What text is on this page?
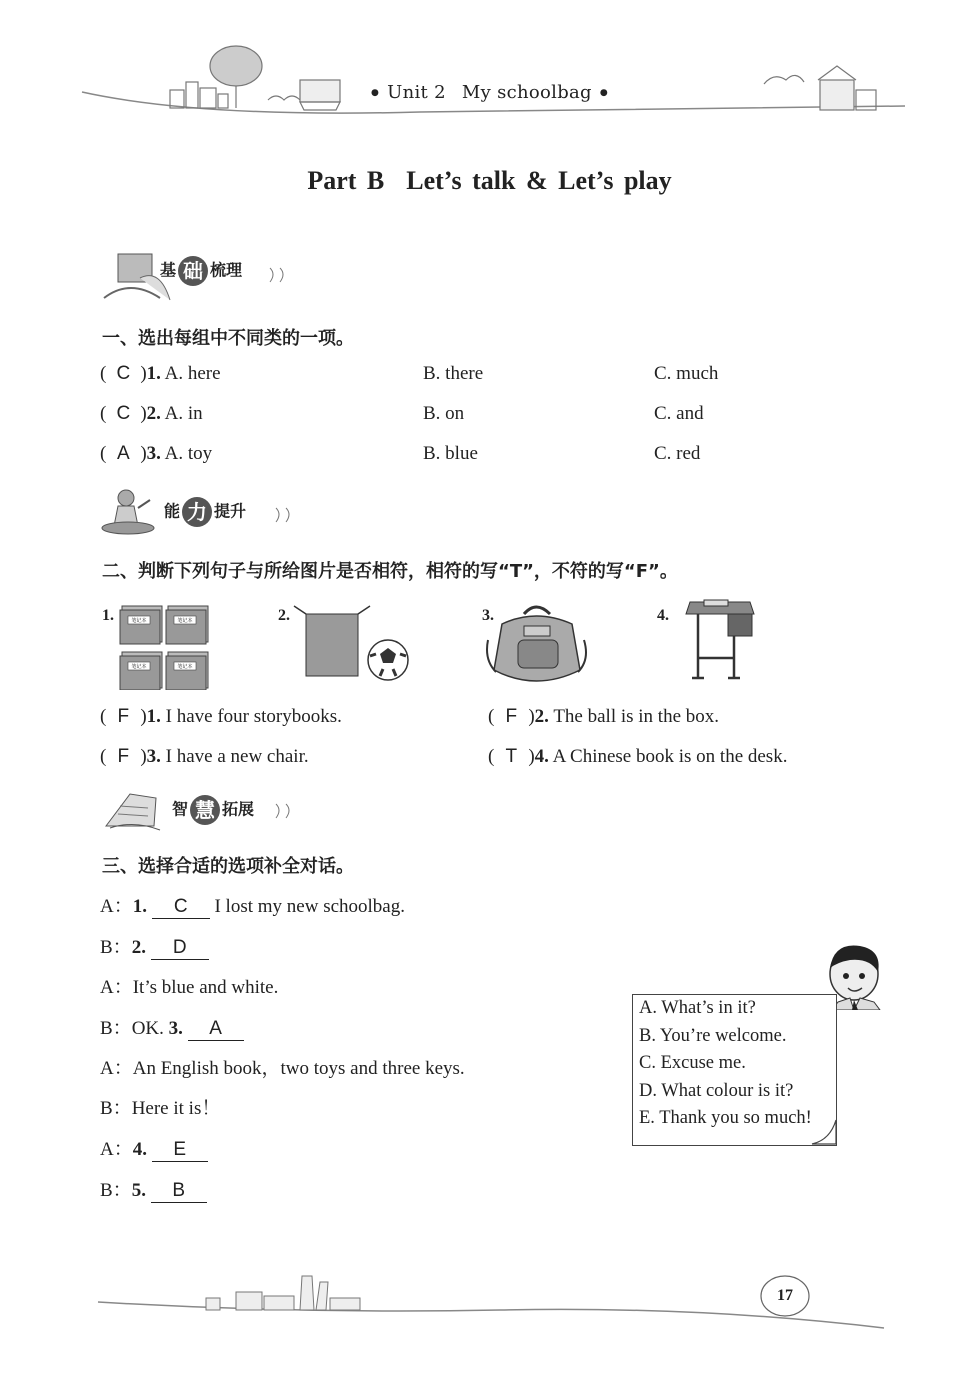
● Unit 2 My schoolbag ●
Part B Let’s talk & Let’s play
基 础 梳理
一、选出每组中不同类的一项。
( C )1. A. here	B. there	C. much
( C )2. A. in	B. on	C. and
( A )3. A. toy	B. blue	C. red
能 力 提升
二、判断下列句子与所给图片是否相符，相符的写“T”，不符的写“F”。
1.	2.	3.	4.
笔记本	笔记本
笔记本	笔记本
( F )1. I have four storybooks.	( F )2. The ball is in the box.
( F )3. I have a new chair.	( T )4. A Chinese book is on the desk.
智 慧 拓展
三、选择合适的选项补全对话。
A：1. C I lost my new schoolbag.
B：2. D
A：It’s blue and white.
B：OK. 3. A
A：An English book，two toys and three keys.
B：Here it is！
A：4. E
B：5. B
A. What’s in it?
B. You’re welcome.
C. Excuse me.
D. What colour is it?
E. Thank you so much!
17
